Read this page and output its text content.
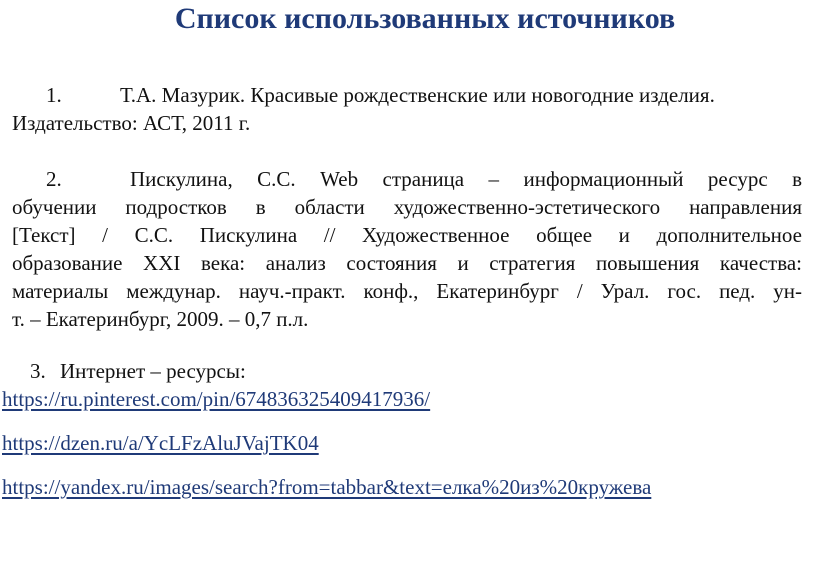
Список использованных источников
1.	Т.А. Мазурик. Красивые рождественские или новогодние изделия.
Издательство: АСТ, 2011 г.
2.	Пискулина, С.С. Web страница – информационный ресурс в
обучении подростков в области художественно-эстетического направления
[Текст] / С.С. Пискулина // Художественное общее и дополнительное
образование XXI века: анализ состояния и стратегия повышения качества:
материалы междунар. науч.-практ. конф., Екатеринбург / Урал. гос. пед. ун-
т. – Екатеринбург, 2009. – 0,7 п.л.
3. Интернет – ресурсы:
https://ru.pinterest.com/pin/674836325409417936/
https://dzen.ru/a/YcLFzAluJVajTK04
https://yandex.ru/images/search?from=tabbar&text=елка%20из%20кружева
